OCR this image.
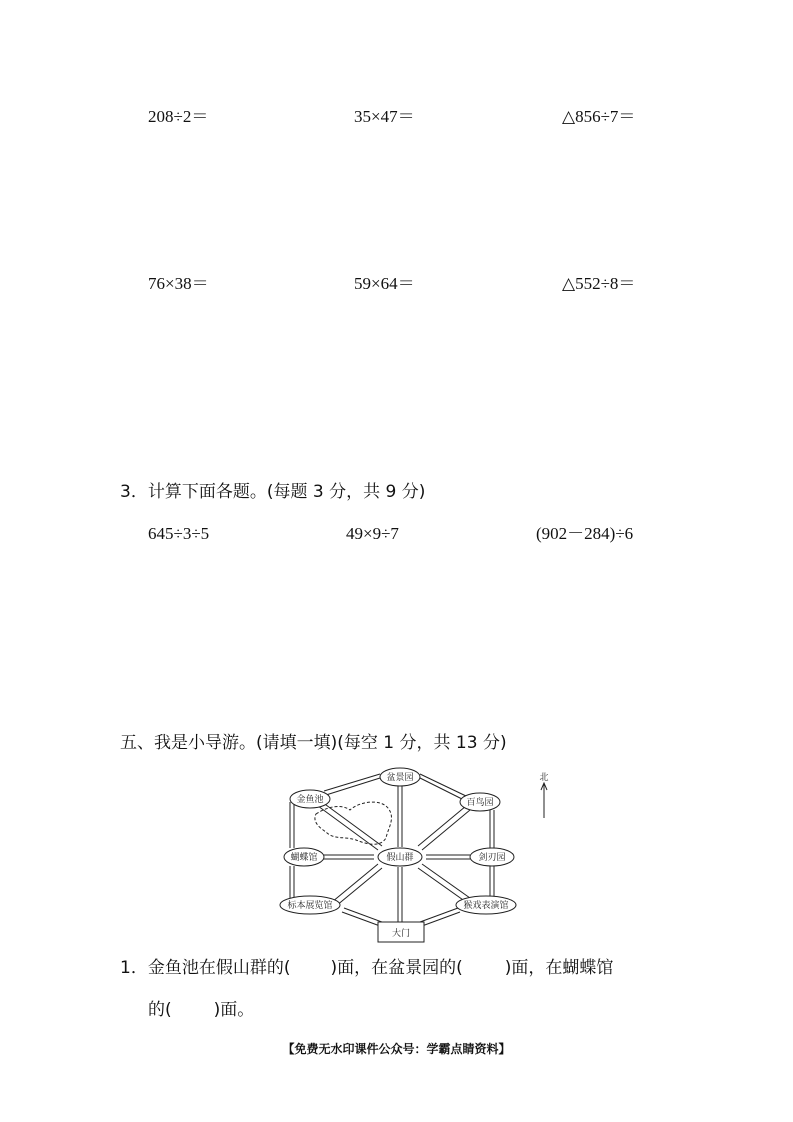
208÷2＝	35×47＝	△856÷7＝
76×38＝	59×64＝	△552÷8＝
3．计算下面各题。(每题 3 分，共 9 分)
645÷3÷5	49×9÷7	(902－284)÷6
五、我是小导游。(请填一填)(每空 1 分，共 13 分)
盆景园
金鱼池	百鸟园
蝴蝶馆	假山群	剑刃园
标本展览馆	猴戏表演馆
大门
北
1．金鱼池在假山群的( )面，在盆景园的( )面，在蝴蝶馆
的( )面。
【免费无水印课件公众号：学霸点睛资料】
